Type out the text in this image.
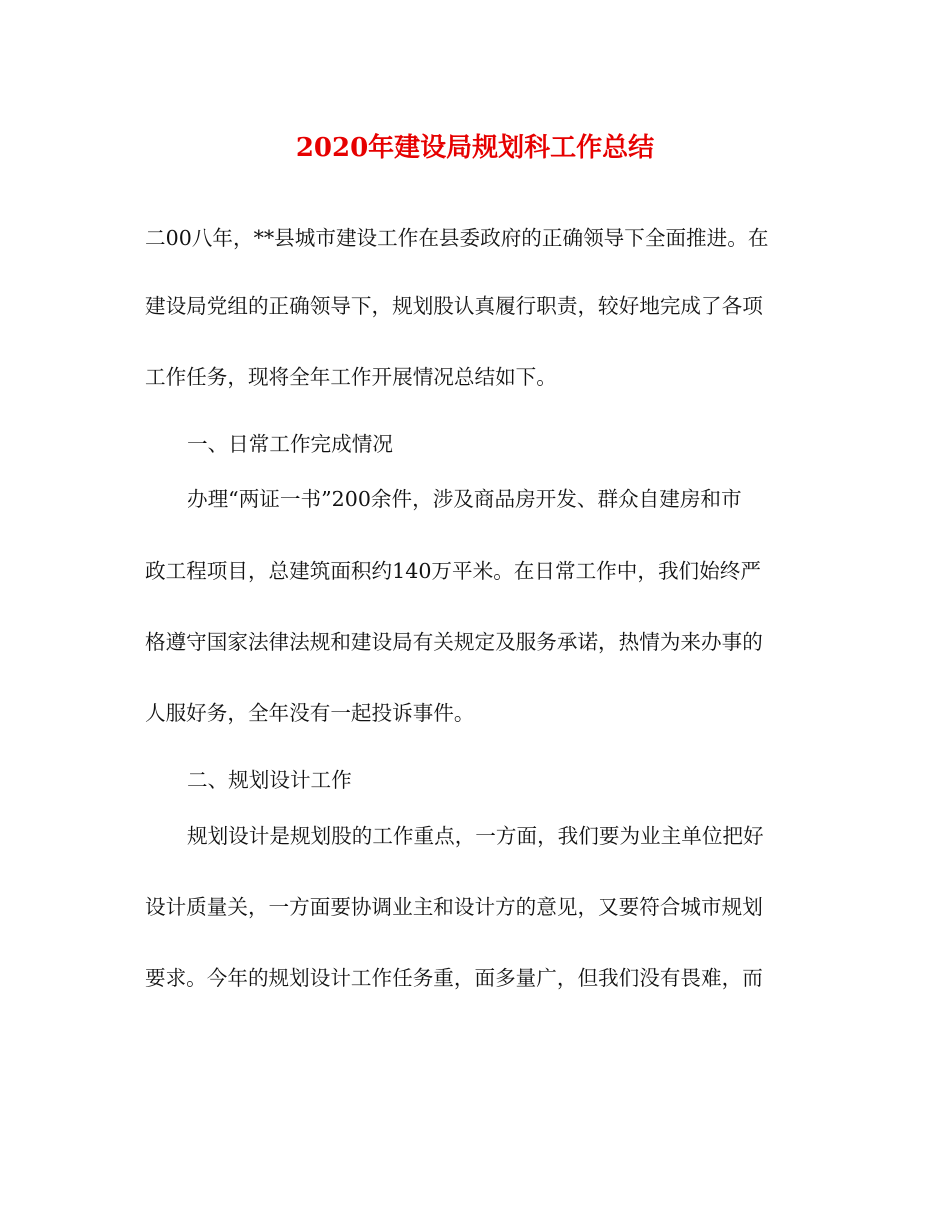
2020年建设局规划科工作总结
二00八年，**县城市建设工作在县委政府的正确领导下全面推进。在
建设局党组的正确领导下，规划股认真履行职责，较好地完成了各项
工作任务，现将全年工作开展情况总结如下。
一、日常工作完成情况
办理“两证一书”200余件，涉及商品房开发、群众自建房和市
政工程项目，总建筑面积约140万平米。在日常工作中，我们始终严
格遵守国家法律法规和建设局有关规定及服务承诺，热情为来办事的
人服好务，全年没有一起投诉事件。
二、规划设计工作
规划设计是规划股的工作重点，一方面，我们要为业主单位把好
设计质量关，一方面要协调业主和设计方的意见，又要符合城市规划
要求。今年的规划设计工作任务重，面多量广，但我们没有畏难，而
